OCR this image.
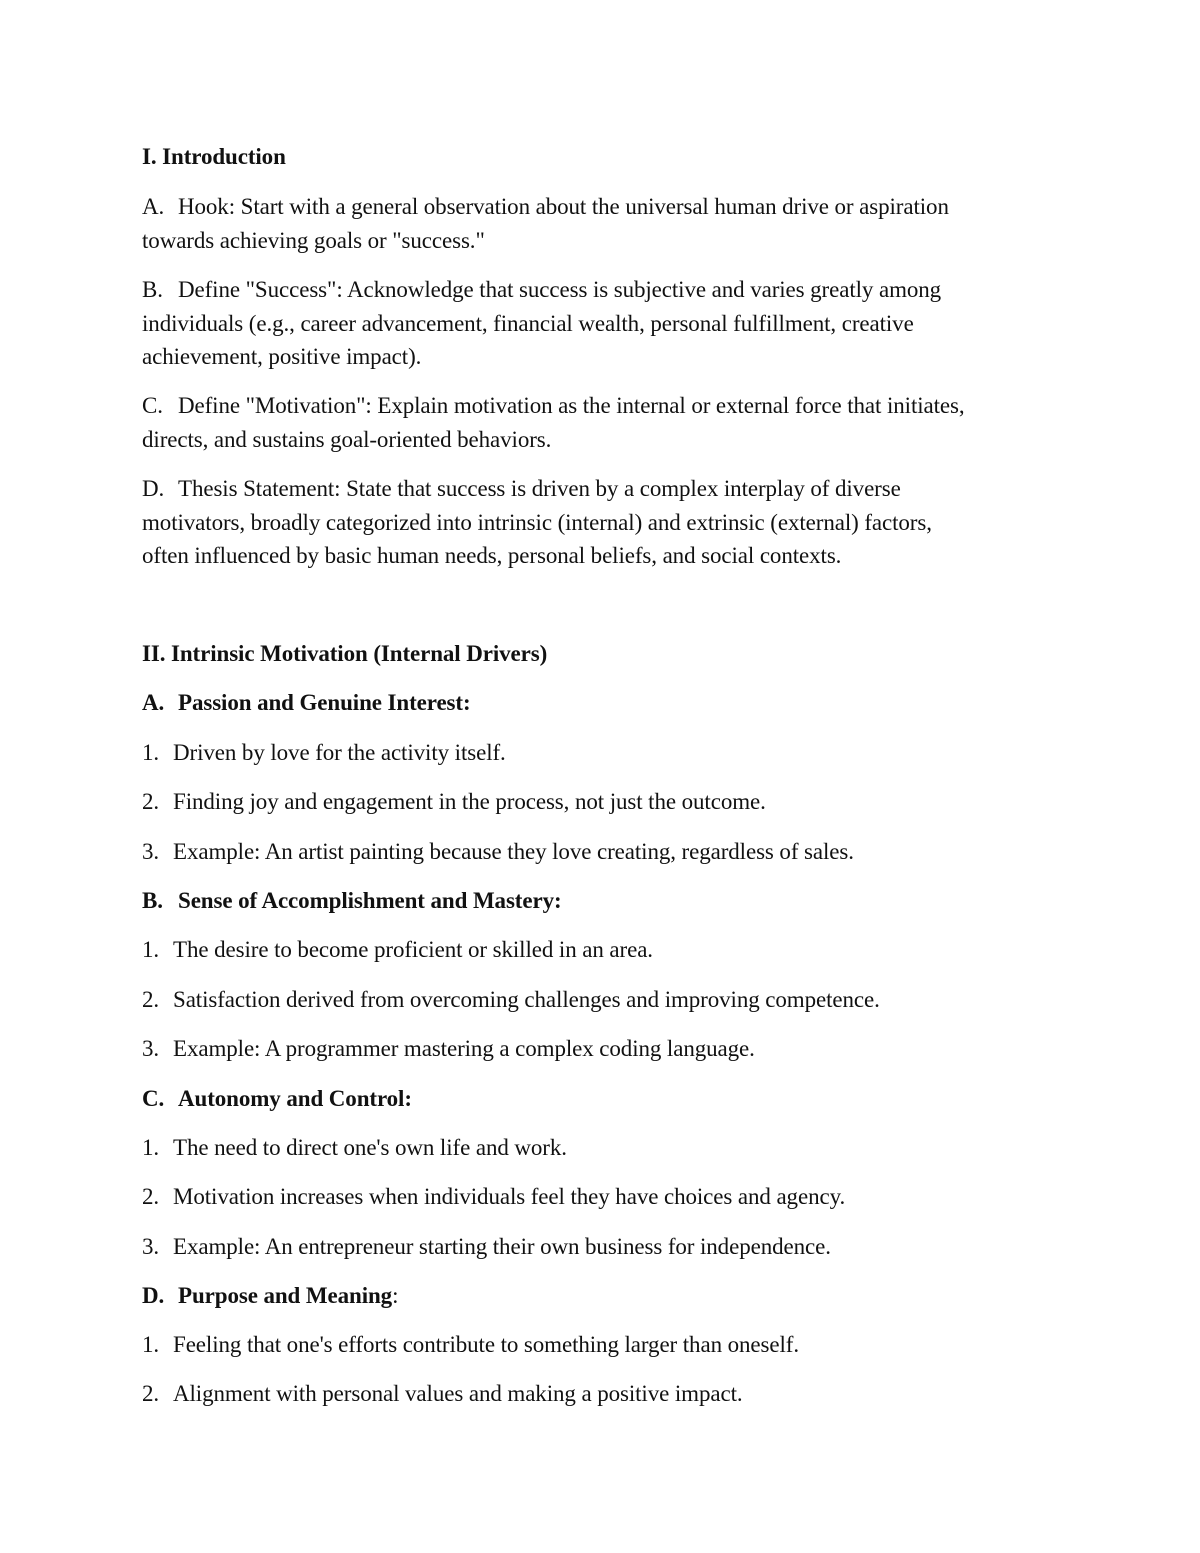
I. Introduction
A. Hook: Start with a general observation about the universal human drive or aspiration
towards achieving goals or "success."
B. Define "Success": Acknowledge that success is subjective and varies greatly among
individuals (e.g., career advancement, financial wealth, personal fulfillment, creative
achievement, positive impact).
C. Define "Motivation": Explain motivation as the internal or external force that initiates,
directs, and sustains goal-oriented behaviors.
D. Thesis Statement: State that success is driven by a complex interplay of diverse
motivators, broadly categorized into intrinsic (internal) and extrinsic (external) factors,
often influenced by basic human needs, personal beliefs, and social contexts.
II. Intrinsic Motivation (Internal Drivers)
A. Passion and Genuine Interest:
1. Driven by love for the activity itself.
2. Finding joy and engagement in the process, not just the outcome.
3. Example: An artist painting because they love creating, regardless of sales.
B. Sense of Accomplishment and Mastery:
1. The desire to become proficient or skilled in an area.
2. Satisfaction derived from overcoming challenges and improving competence.
3. Example: A programmer mastering a complex coding language.
C. Autonomy and Control:
1. The need to direct one's own life and work.
2. Motivation increases when individuals feel they have choices and agency.
3. Example: An entrepreneur starting their own business for independence.
D. Purpose and Meaning:
1. Feeling that one's efforts contribute to something larger than oneself.
2. Alignment with personal values and making a positive impact.
